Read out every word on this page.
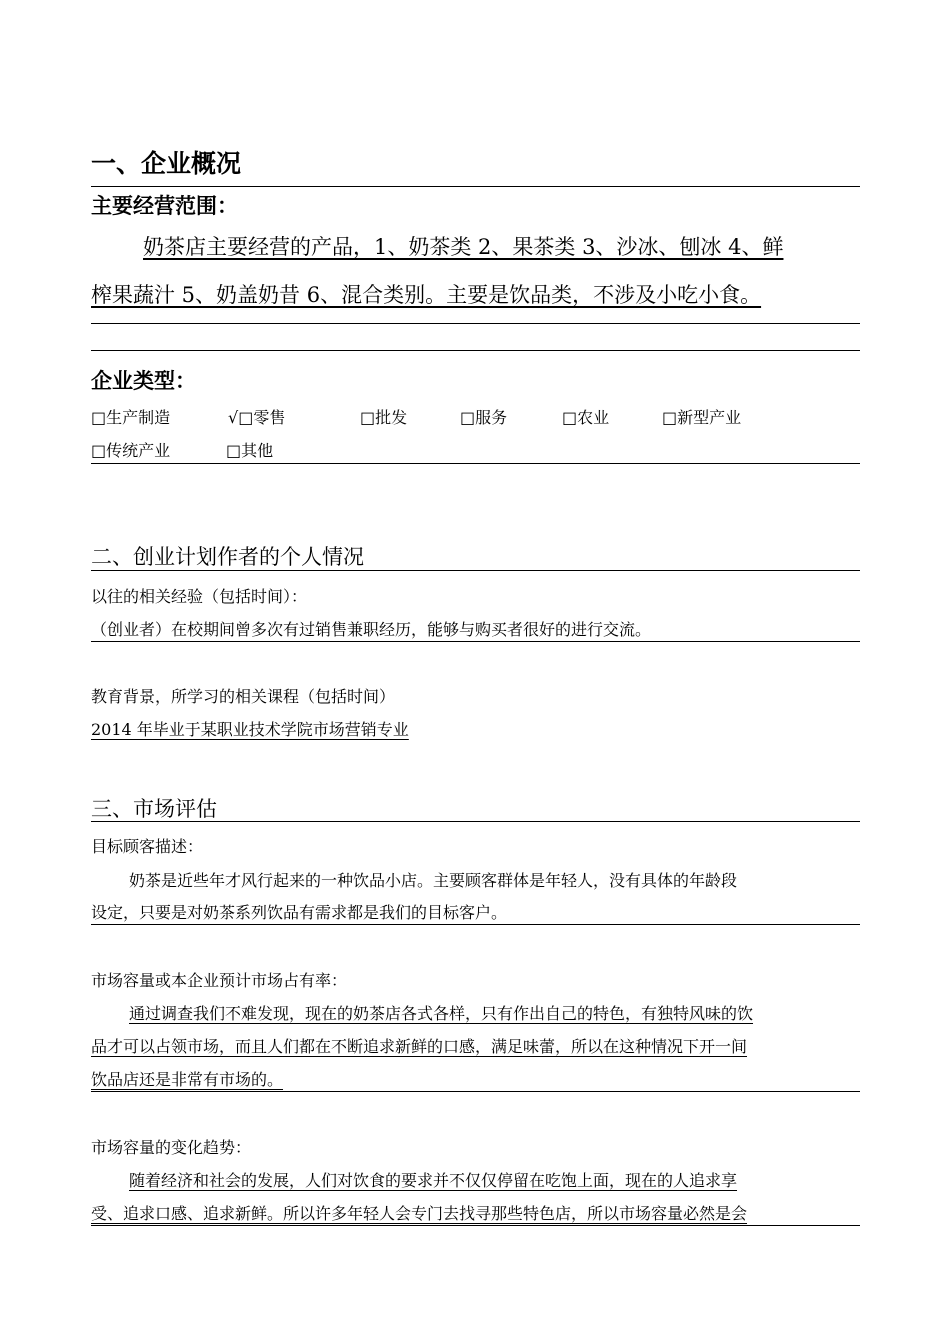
一、企业概况
主要经营范围：
奶茶店主要经营的产品，1、奶茶类 2、果茶类 3、沙冰、刨冰 4、鲜
榨果蔬汁 5、奶盖奶昔 6、混合类别。主要是饮品类，不涉及小吃小食。
企业类型：
□生产制造	√□零售	□批发	□服务	□农业	□新型产业
□传统产业	□其他
二、创业计划作者的个人情况
以往的相关经验（包括时间）：
（创业者）在校期间曾多次有过销售兼职经历，能够与购买者很好的进行交流。
教育背景，所学习的相关课程（包括时间）
2014 年毕业于某职业技术学院市场营销专业
三、市场评估
目标顾客描述：
奶茶是近些年才风行起来的一种饮品小店。主要顾客群体是年轻人，没有具体的年龄段
设定，只要是对奶茶系列饮品有需求都是我们的目标客户。
市场容量或本企业预计市场占有率：
通过调查我们不难发现，现在的奶茶店各式各样，只有作出自己的特色，有独特风味的饮
品才可以占领市场，而且人们都在不断追求新鲜的口感，满足味蕾，所以在这种情况下开一间
饮品店还是非常有市场的。
市场容量的变化趋势：
随着经济和社会的发展，人们对饮食的要求并不仅仅停留在吃饱上面，现在的人追求享
受、追求口感、追求新鲜。所以许多年轻人会专门去找寻那些特色店，所以市场容量必然是会
